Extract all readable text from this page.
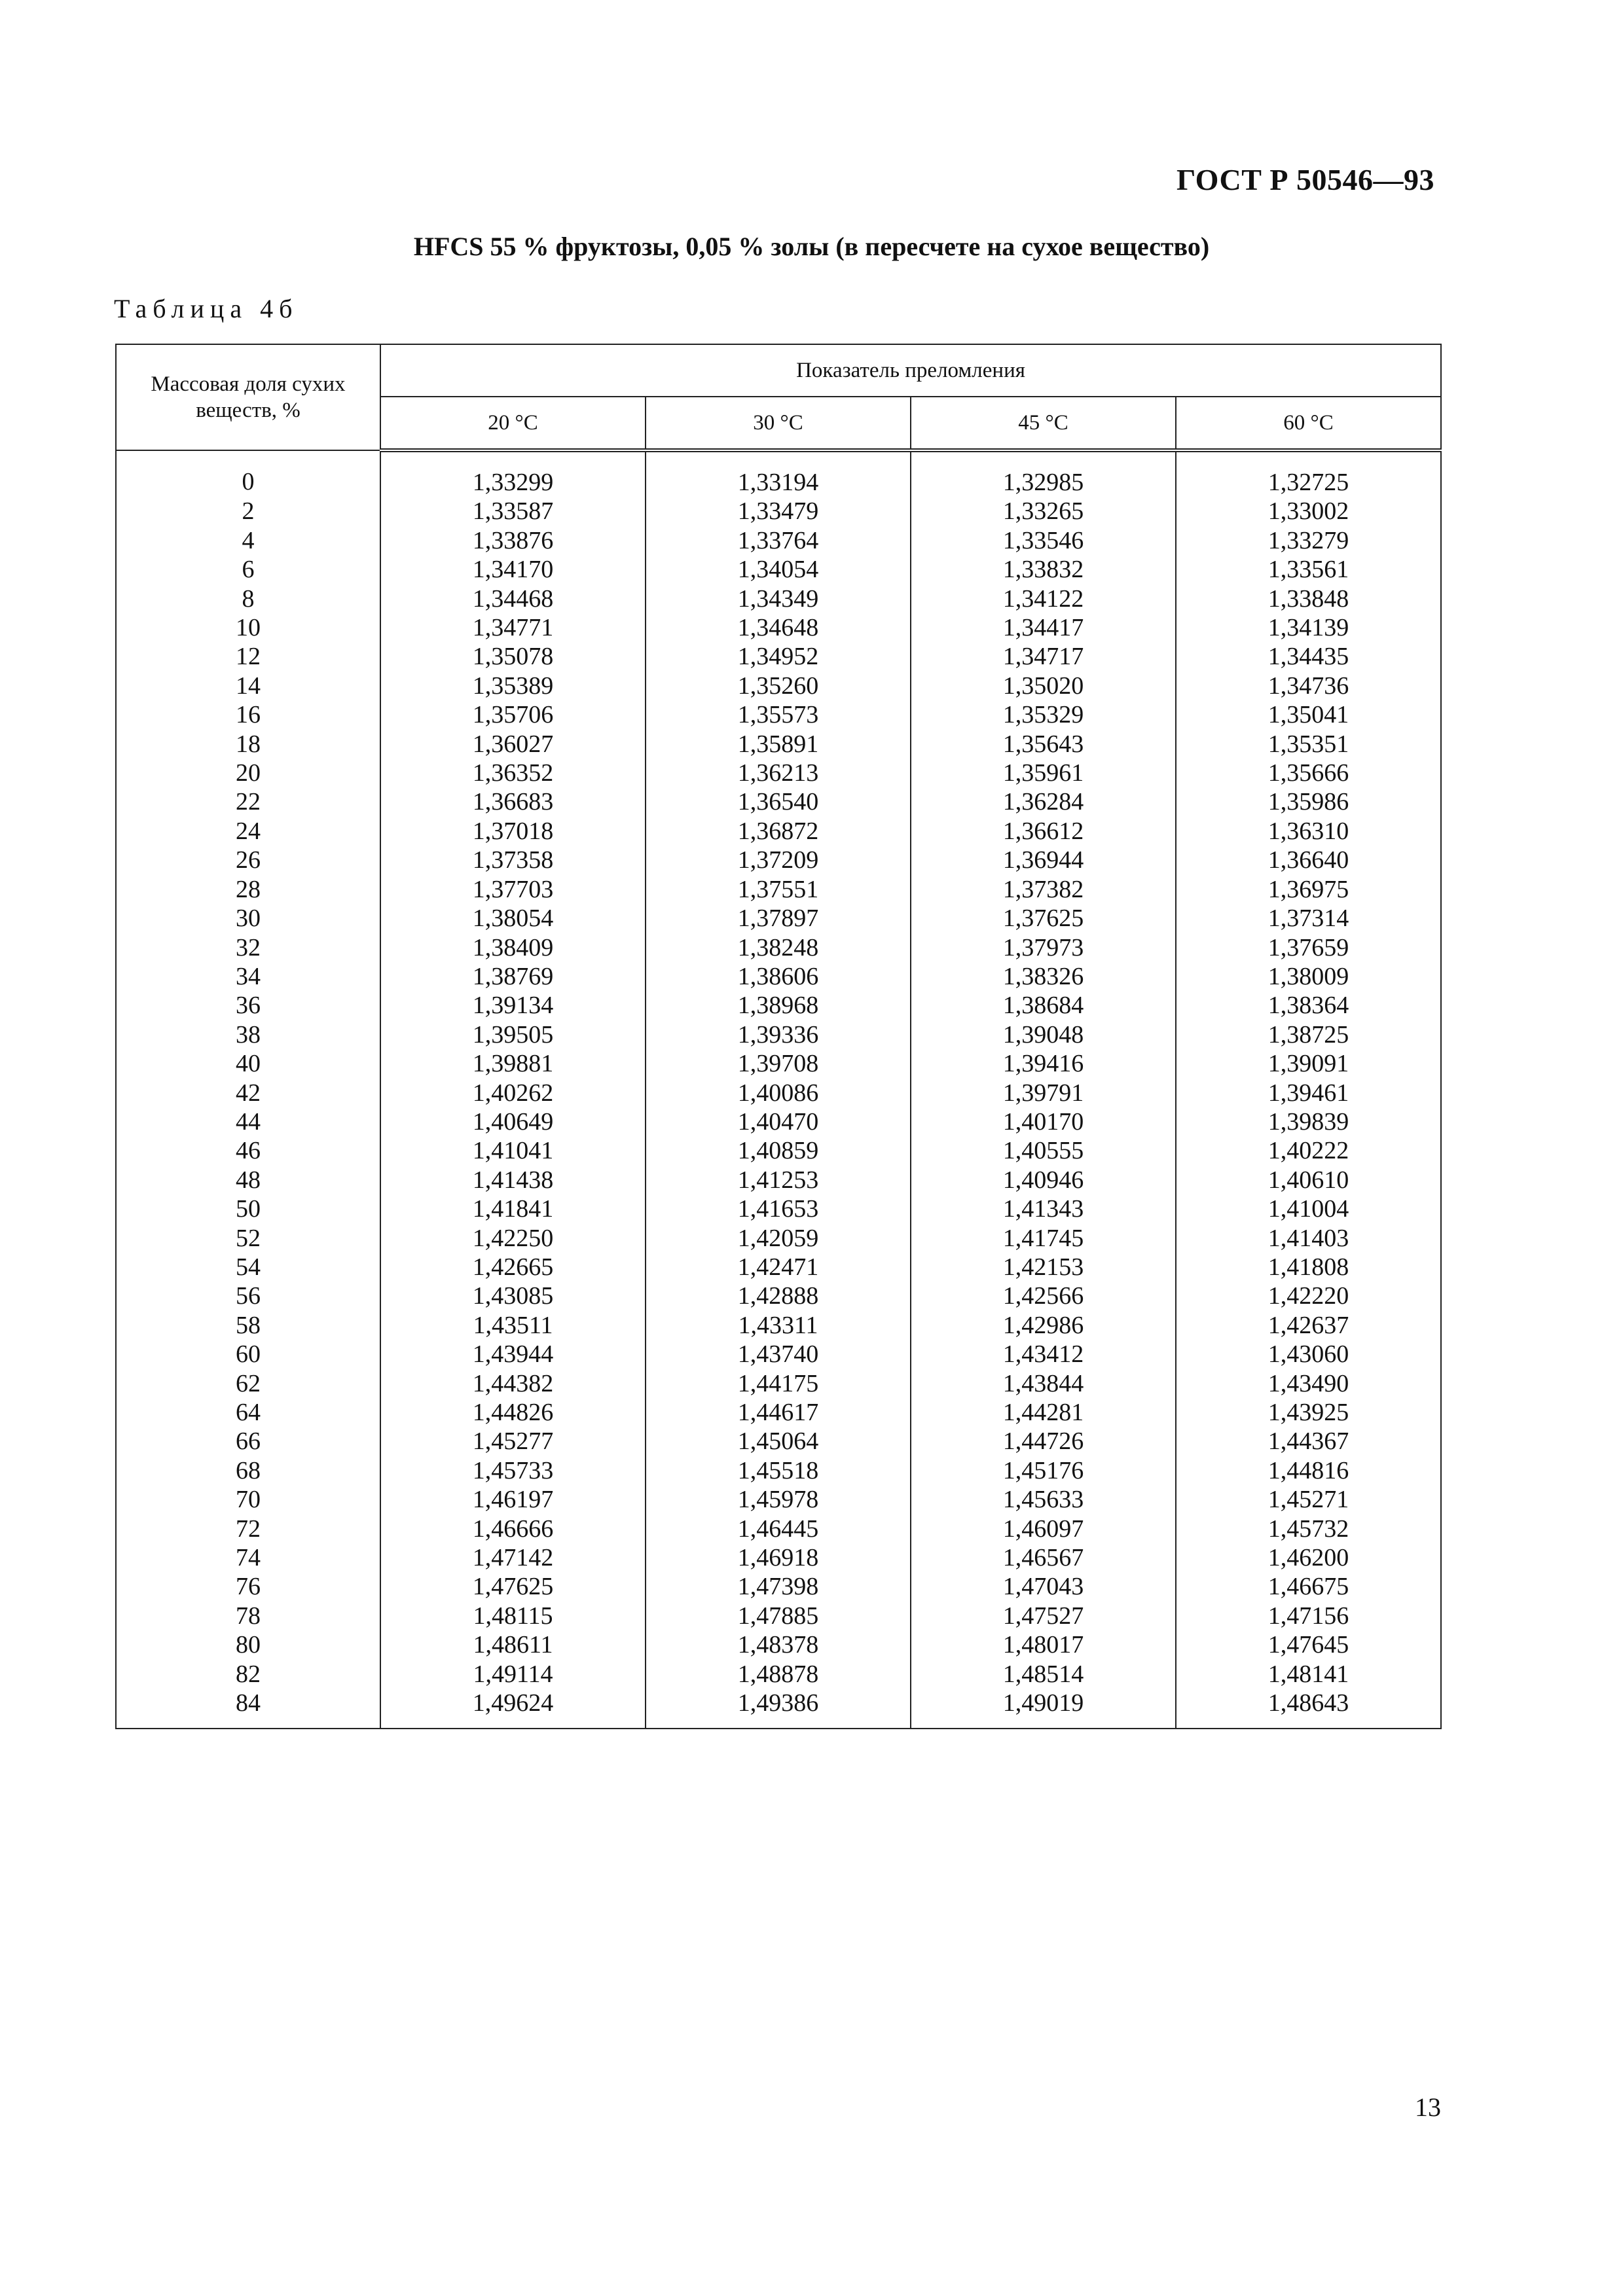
ГОСТ Р 50546—93
HFCS 55 % фруктозы, 0,05 % золы (в пересчете на сухое вещество)
Таблица 4б
Массовая доля сухих веществ, %	Показатель преломления			
	20 °С	30 °С	45 °С	60 °С
0	1,33299	1,33194	1,32985	1,32725
2	1,33587	1,33479	1,33265	1,33002
4	1,33876	1,33764	1,33546	1,33279
6	1,34170	1,34054	1,33832	1,33561
8	1,34468	1,34349	1,34122	1,33848
10	1,34771	1,34648	1,34417	1,34139
12	1,35078	1,34952	1,34717	1,34435
14	1,35389	1,35260	1,35020	1,34736
16	1,35706	1,35573	1,35329	1,35041
18	1,36027	1,35891	1,35643	1,35351
20	1,36352	1,36213	1,35961	1,35666
22	1,36683	1,36540	1,36284	1,35986
24	1,37018	1,36872	1,36612	1,36310
26	1,37358	1,37209	1,36944	1,36640
28	1,37703	1,37551	1,37382	1,36975
30	1,38054	1,37897	1,37625	1,37314
32	1,38409	1,38248	1,37973	1,37659
34	1,38769	1,38606	1,38326	1,38009
36	1,39134	1,38968	1,38684	1,38364
38	1,39505	1,39336	1,39048	1,38725
40	1,39881	1,39708	1,39416	1,39091
42	1,40262	1,40086	1,39791	1,39461
44	1,40649	1,40470	1,40170	1,39839
46	1,41041	1,40859	1,40555	1,40222
48	1,41438	1,41253	1,40946	1,40610
50	1,41841	1,41653	1,41343	1,41004
52	1,42250	1,42059	1,41745	1,41403
54	1,42665	1,42471	1,42153	1,41808
56	1,43085	1,42888	1,42566	1,42220
58	1,43511	1,43311	1,42986	1,42637
60	1,43944	1,43740	1,43412	1,43060
62	1,44382	1,44175	1,43844	1,43490
64	1,44826	1,44617	1,44281	1,43925
66	1,45277	1,45064	1,44726	1,44367
68	1,45733	1,45518	1,45176	1,44816
70	1,46197	1,45978	1,45633	1,45271
72	1,46666	1,46445	1,46097	1,45732
74	1,47142	1,46918	1,46567	1,46200
76	1,47625	1,47398	1,47043	1,46675
78	1,48115	1,47885	1,47527	1,47156
80	1,48611	1,48378	1,48017	1,47645
82	1,49114	1,48878	1,48514	1,48141
84	1,49624	1,49386	1,49019	1,48643
13
